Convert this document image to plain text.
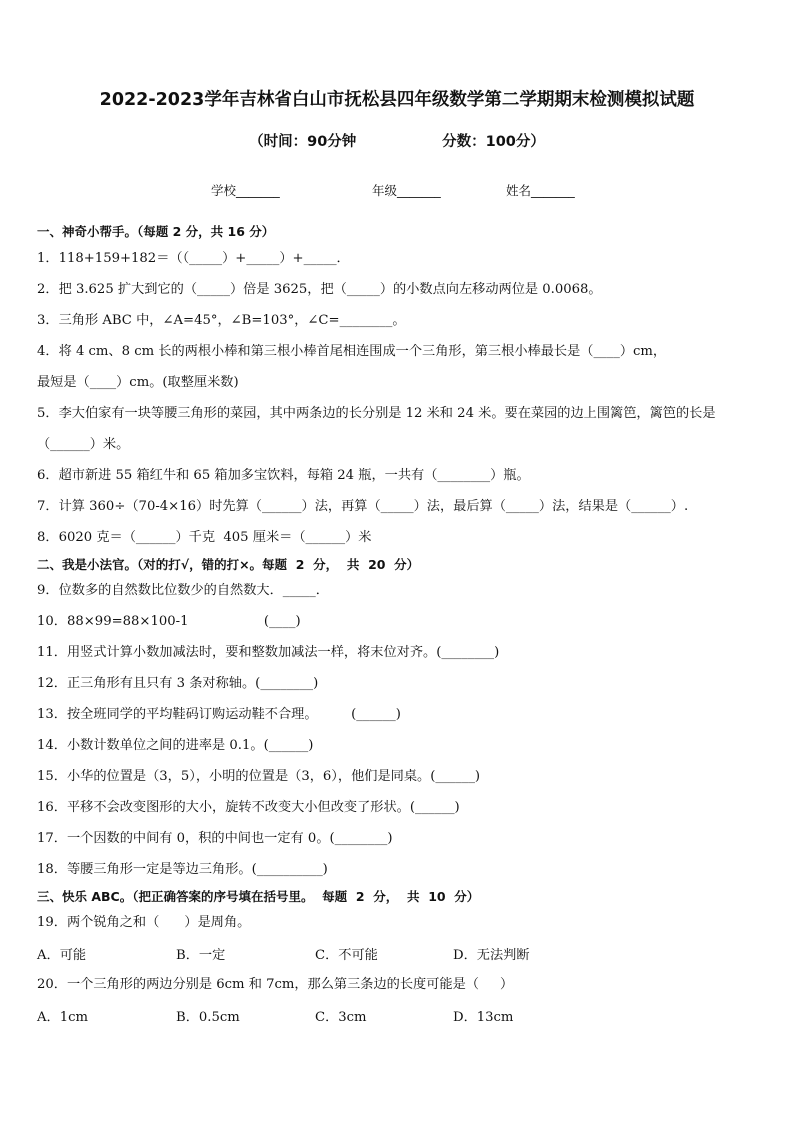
2022-2023学年吉林省白山市抚松县四年级数学第二学期期末检测模拟试题
（时间：90分钟                 分数：100分）
学校_______	年级_______	姓名_______
一、神奇小帮手。（每题 2 分，共 16 分）
1．118+159+182＝（（_____）+_____）+_____．
2．把 3.625 扩大到它的（_____）倍是 3625，把（_____）的小数点向左移动两位是 0.0068。
3．三角形 ABC 中，∠A=45°，∠B=103°，∠C=________。
4．将 4 cm、8 cm 长的两根小棒和第三根小棒首尾相连围成一个三角形，第三根小棒最长是（____）cm，
最短是（____）cm。(取整厘米数)
5．李大伯家有一块等腰三角形的菜园，其中两条边的长分别是 12 米和 24 米。要在菜园的边上围篱笆，篱笆的长是
（______）米。
6．超市新进 55 箱红牛和 65 箱加多宝饮料，每箱 24 瓶，一共有（________）瓶。
7．计算 360÷（70-4×16）时先算（______）法，再算（_____）法，最后算（_____）法，结果是（______）.
8．6020 克＝（______）千克  405 厘米＝（______）米
二、我是小法官。（对的打√，错的打×。每题  2  分，  共  20  分）
9．位数多的自然数比位数少的自然数大．_____．
10．88×99=88×100-1                  (____)
11．用竖式计算小数加减法时，要和整数加减法一样，将末位对齐。(________)
12．正三角形有且只有 3 条对称轴。(________)
13．按全班同学的平均鞋码订购运动鞋不合理。        (______)
14．小数计数单位之间的进率是 0.1。(______)
15．小华的位置是（3，5），小明的位置是（3，6），他们是同桌。(______)
16．平移不会改变图形的大小，旋转不改变大小但改变了形状。(______)
17．一个因数的中间有 0，积的中间也一定有 0。(________)
18．等腰三角形一定是等边三角形。(__________)
三、快乐 ABC。（把正确答案的序号填在括号里。  每题  2  分，  共  10  分）
19．两个锐角之和（      ）是周角。
A．可能	B．一定	C．不可能	D．无法判断
20．一个三角形的两边分别是 6cm 和 7cm，那么第三条边的长度可能是（     ）
A．1cm	B．0.5cm	C．3cm	D．13cm
